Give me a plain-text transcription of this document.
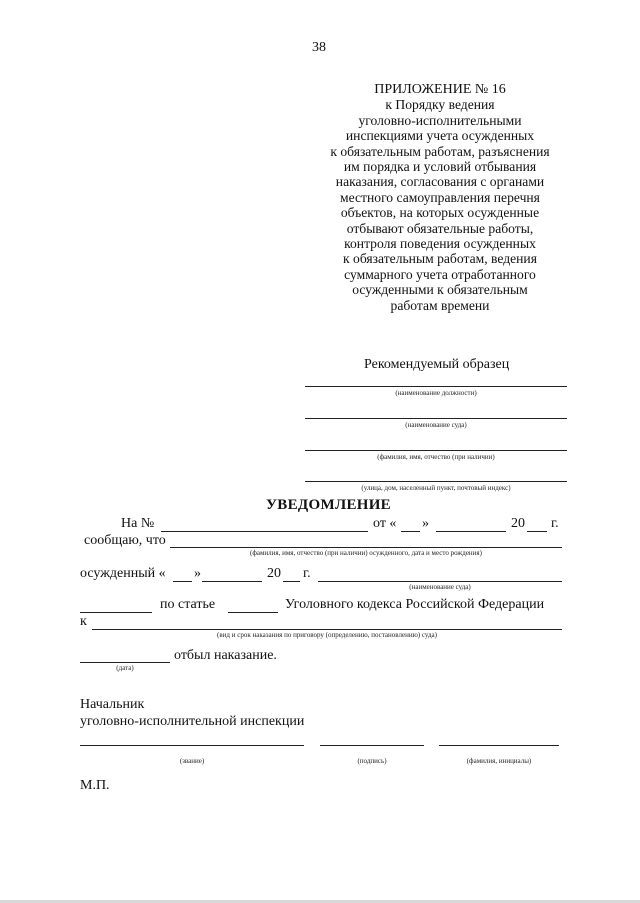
38
ПРИЛОЖЕНИЕ № 16
к Порядку ведения
уголовно-исполнительными
инспекциями учета осужденных
к обязательным работам, разъяснения
им порядка и условий отбывания
наказания, согласования с органами
местного самоуправления перечня
объектов, на которых осужденные
отбывают обязательные работы,
контроля поведения осужденных
к обязательным работам, ведения
суммарного учета отработанного
осужденными к обязательным
работам времени
Рекомендуемый образец
(наименование должности)
(наименование суда)
(фамилия, имя, отчество (при наличии)
(улица, дом, населенный пункт, почтовый индекс)
УВЕДОМЛЕНИЕ
На №	от « »	20 г.
сообщаю, что
(фамилия, имя, отчество (при наличии) осужденного, дата и место рождения)
осужденный « »	20 г.
(наименование суда)
по статье	Уголовного кодекса Российской Федерации
к
(вид и срок наказания по приговору (определению, постановлению) суда)
отбыл наказание.
(дата)
Начальник
уголовно-исполнительной инспекции
(звание)	(подпись)	(фамилия, инициалы)
М.П.
